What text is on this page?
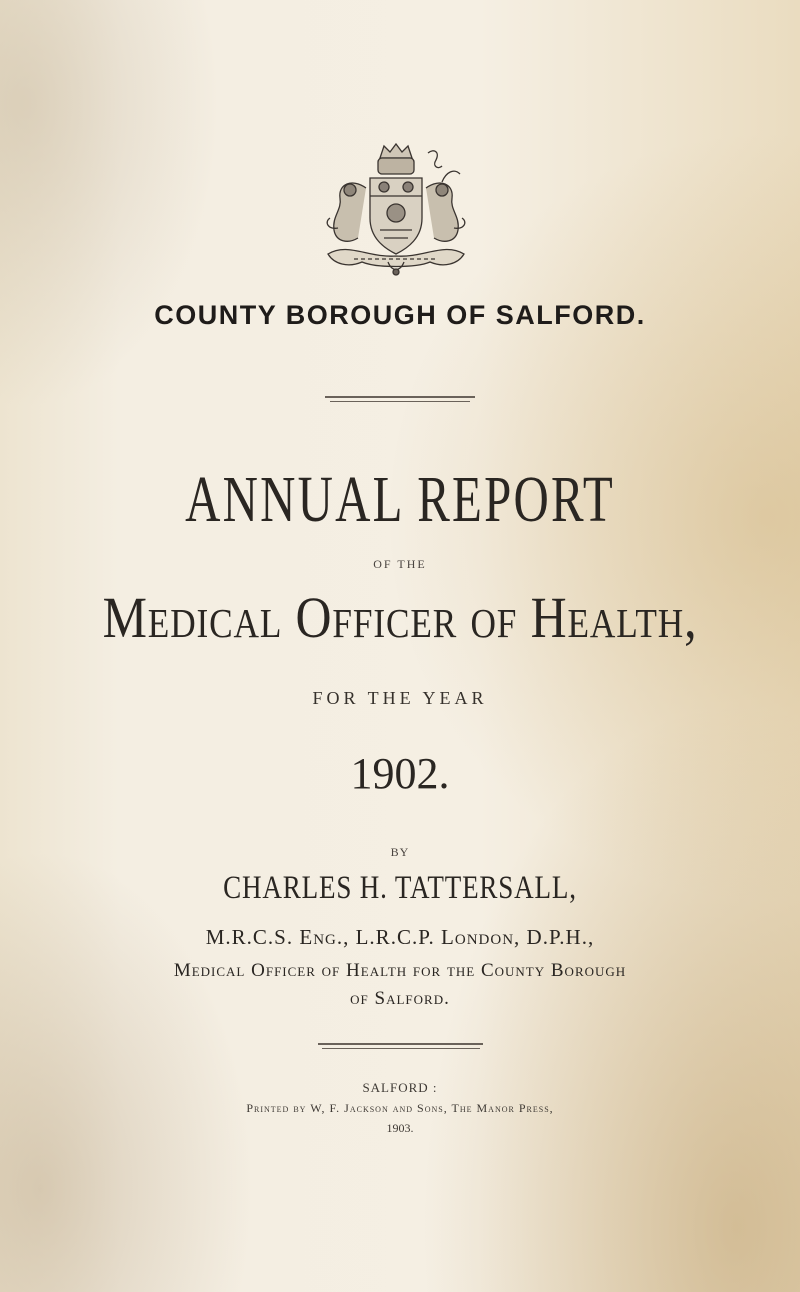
COUNTY BOROUGH OF SALFORD.
ANNUAL REPORT
OF THE
Medical Officer of Health,
FOR THE YEAR
1902.
BY
CHARLES H. TATTERSALL,
M.R.C.S. Eng., L.R.C.P. London, D.P.H.,
Medical Officer of Health for the County Borough
of Salford.
SALFORD :
Printed by W, F. Jackson and Sons, The Manor Press,
1903.
